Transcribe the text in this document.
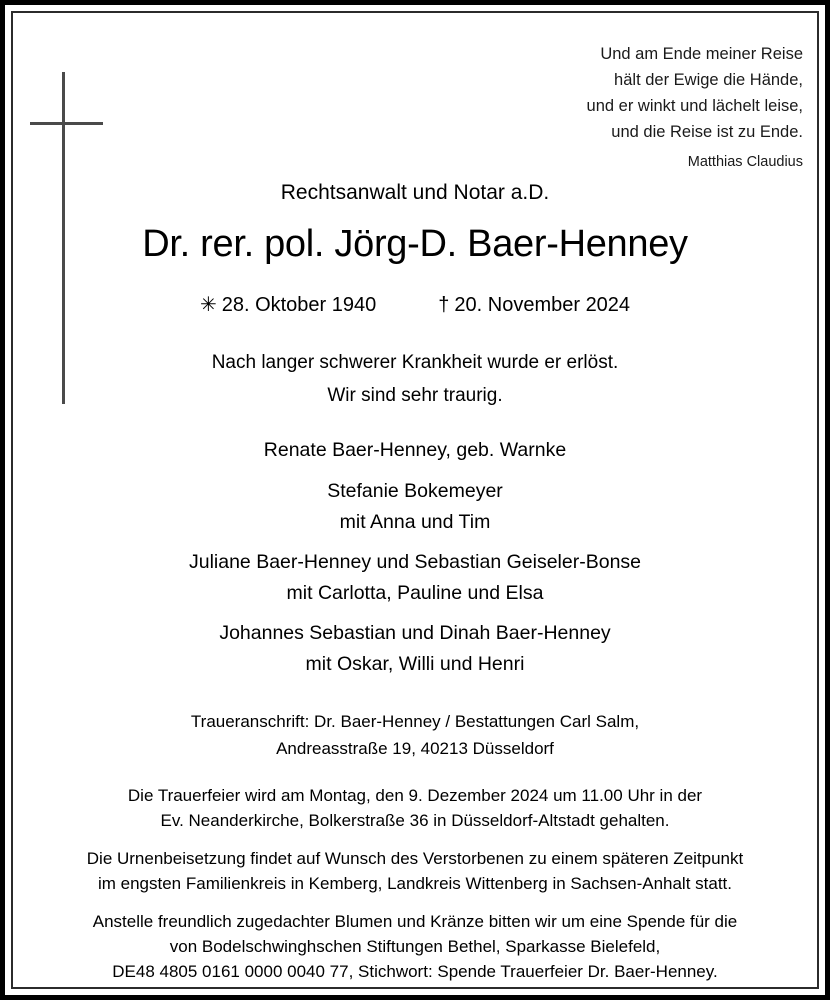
Und am Ende meiner Reise
hält der Ewige die Hände,
und er winkt und lächelt leise,
und die Reise ist zu Ende.
Matthias Claudius
Rechtsanwalt und Notar a.D.
Dr. rer. pol. Jörg-D. Baer-Henney
✳ 28. Oktober 1940	† 20. November 2024
Nach langer schwerer Krankheit wurde er erlöst.
Wir sind sehr traurig.
Renate Baer-Henney, geb. Warnke
Stefanie Bokemeyer
mit Anna und Tim
Juliane Baer-Henney und Sebastian Geiseler-Bonse
mit Carlotta, Pauline und Elsa
Johannes Sebastian und Dinah Baer-Henney
mit Oskar, Willi und Henri
Traueranschrift: Dr. Baer-Henney / Bestattungen Carl Salm,
Andreasstraße 19, 40213 Düsseldorf
Die Trauerfeier wird am Montag, den 9. Dezember 2024 um 11.00 Uhr in der
Ev. Neanderkirche, Bolkerstraße 36 in Düsseldorf-Altstadt gehalten.
Die Urnenbeisetzung findet auf Wunsch des Verstorbenen zu einem späteren Zeitpunkt
im engsten Familienkreis in Kemberg, Landkreis Wittenberg in Sachsen-Anhalt statt.
Anstelle freundlich zugedachter Blumen und Kränze bitten wir um eine Spende für die
von Bodelschwinghschen Stiftungen Bethel, Sparkasse Bielefeld,
DE48 4805 0161 0000 0040 77, Stichwort: Spende Trauerfeier Dr. Baer-Henney.
